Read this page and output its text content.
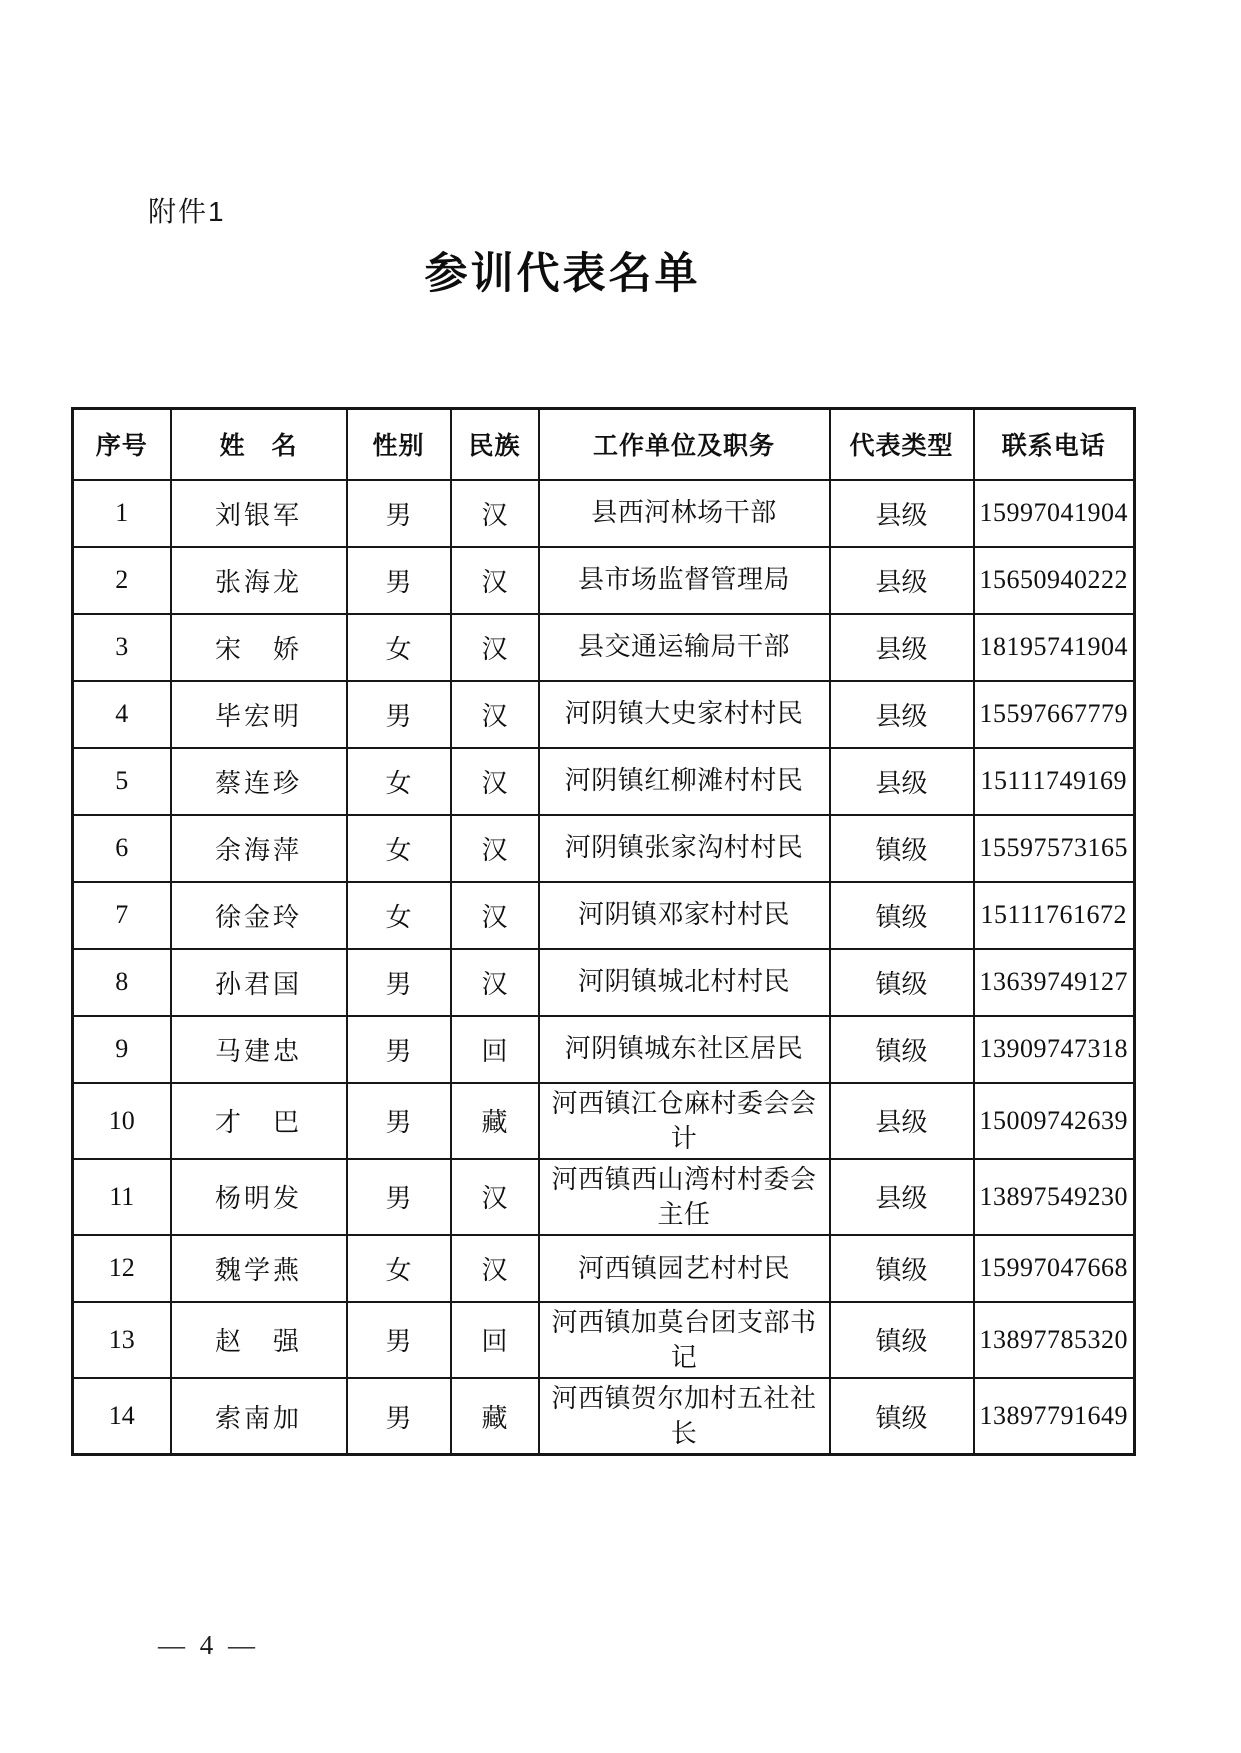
附件1
参训代表名单
序号	姓　名	性别	民族	工作单位及职务	代表类型	联系电话
1	刘银军	男	汉	县西河林场干部	县级	15997041904
2	张海龙	男	汉	县市场监督管理局	县级	15650940222
3	宋　娇	女	汉	县交通运输局干部	县级	18195741904
4	毕宏明	男	汉	河阴镇大史家村村民	县级	15597667779
5	蔡连珍	女	汉	河阴镇红柳滩村村民	县级	15111749169
6	余海萍	女	汉	河阴镇张家沟村村民	镇级	15597573165
7	徐金玲	女	汉	河阴镇邓家村村民	镇级	15111761672
8	孙君国	男	汉	河阴镇城北村村民	镇级	13639749127
9	马建忠	男	回	河阴镇城东社区居民	镇级	13909747318
10	才　巴	男	藏	河西镇江仓麻村委会会计	县级	15009742639
11	杨明发	男	汉	河西镇西山湾村村委会主任	县级	13897549230
12	魏学燕	女	汉	河西镇园艺村村民	镇级	15997047668
13	赵　强	男	回	河西镇加莫台团支部书记	镇级	13897785320
14	索南加	男	藏	河西镇贺尔加村五社社长	镇级	13897791649
— 4 —
